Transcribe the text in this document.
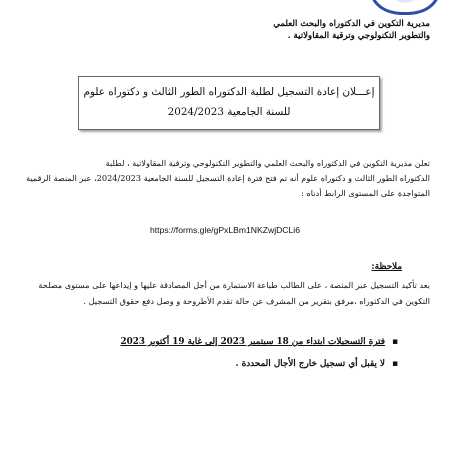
مديرية التكوين في الدكتوراه والبحث العلمي
والتطوير التكنولوجي وترقية المقاولاتية .
إعـــلان إعادة التسجيل لطلبة الدكتوراه الطور الثالث و دكتوراه علوم
للسنة الجامعية 2024/2023
تعلن مديرية التكوين في الدكتوراه والبحث العلمي والتطوير التكنولوجي وترقية المقاولاتية ، لطلبة
الدكتوراه الطور الثالث و دكتوراه علوم أنه تم فتح فترة إعادة التسجيل للسنة الجامعية 2024/2023، عبر المنصة الرقمية
المتواجدة على المستوى الرابط أدناه :
https://forms.gle/gPxLBm1NKZwjDCLi6
ملاحظة:
بعد تأكيد التسجيل عبر المنصة ، على الطالب طباعة الاستمارة من أجل المصادقة عليها و إيداعها على مستوى مصلحة
التكوين في الدكتوراه ،مرفق بتقرير من المشرف عن حالة تقدم الأطروحة و وصل دفع حقوق التسجيل .
▪ فترة التسجيلات ابتداء من 18 سبتمبر 2023 إلى غاية 19 أكتوبر 2023
▪ لا يقبل أي تسجيل خارج الأجال المحددة .
